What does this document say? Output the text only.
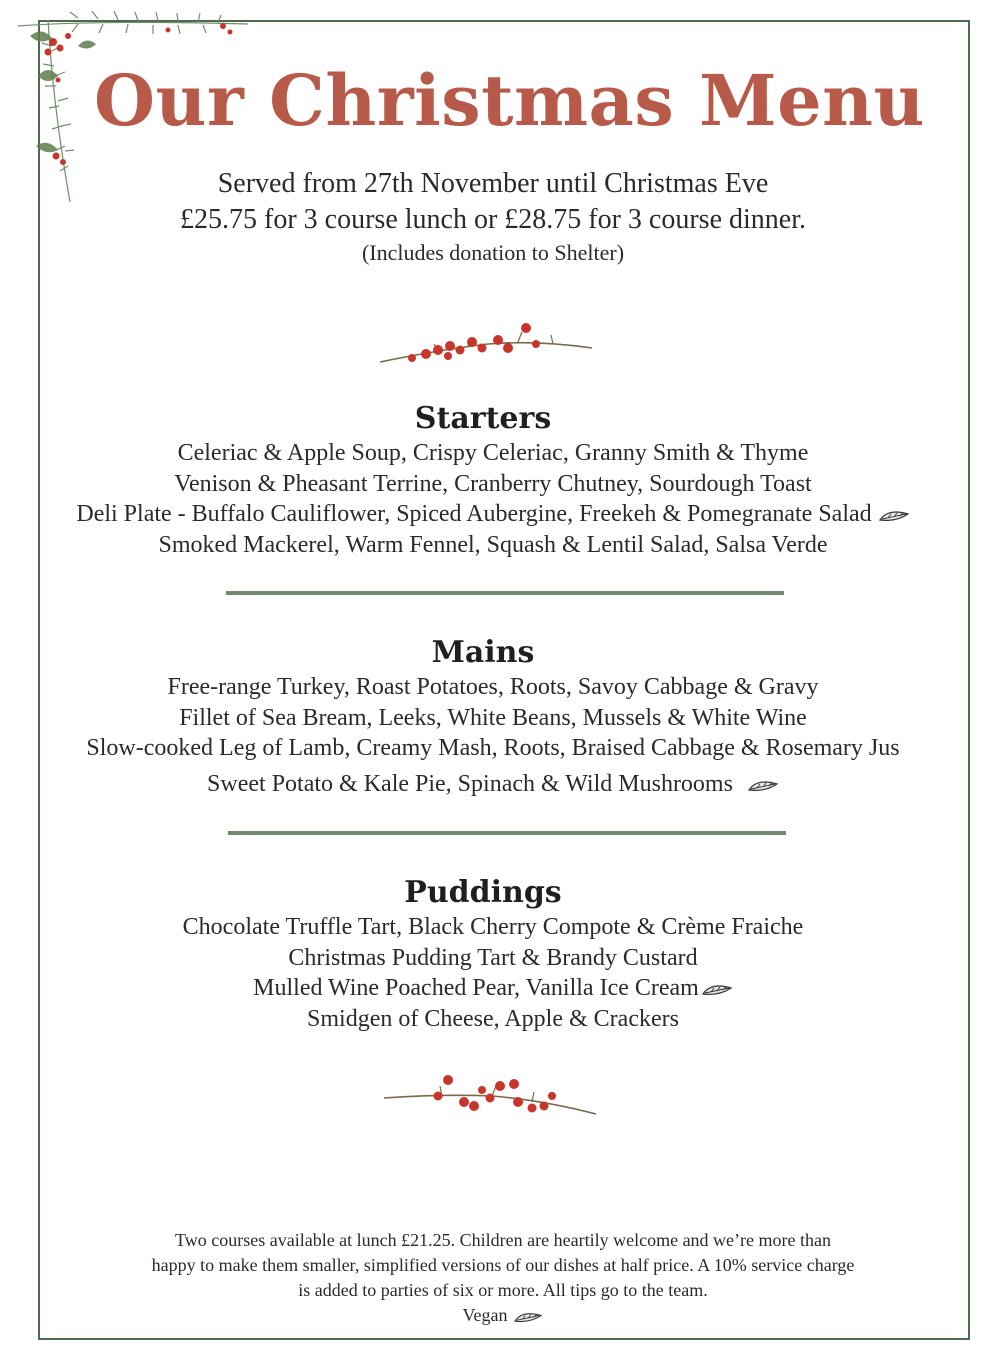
Our Christmas Menu
Served from 27th November until Christmas Eve
£25.75 for 3 course lunch or £28.75 for 3 course dinner.
(Includes donation to Shelter)
Starters
Celeriac & Apple Soup, Crispy Celeriac, Granny Smith & Thyme
Venison & Pheasant Terrine, Cranberry Chutney, Sourdough Toast
Deli Plate - Buffalo Cauliflower, Spiced Aubergine, Freekeh & Pomegranate Salad
Smoked Mackerel, Warm Fennel, Squash & Lentil Salad, Salsa Verde
Mains
Free-range Turkey, Roast Potatoes, Roots, Savoy Cabbage & Gravy
Fillet of Sea Bream, Leeks, White Beans, Mussels & White Wine
Slow-cooked Leg of Lamb, Creamy Mash, Roots, Braised Cabbage & Rosemary Jus
Sweet Potato & Kale Pie, Spinach & Wild Mushrooms
Puddings
Chocolate Truffle Tart, Black Cherry Compote & Crème Fraiche
Christmas Pudding Tart & Brandy Custard
Mulled Wine Poached Pear, Vanilla Ice Cream
Smidgen of Cheese, Apple & Crackers
Two courses available at lunch £21.25. Children are heartily welcome and we’re more than
happy to make them smaller, simplified versions of our dishes at half price. A 10% service charge
is added to parties of six or more. All tips go to the team.
Vegan
